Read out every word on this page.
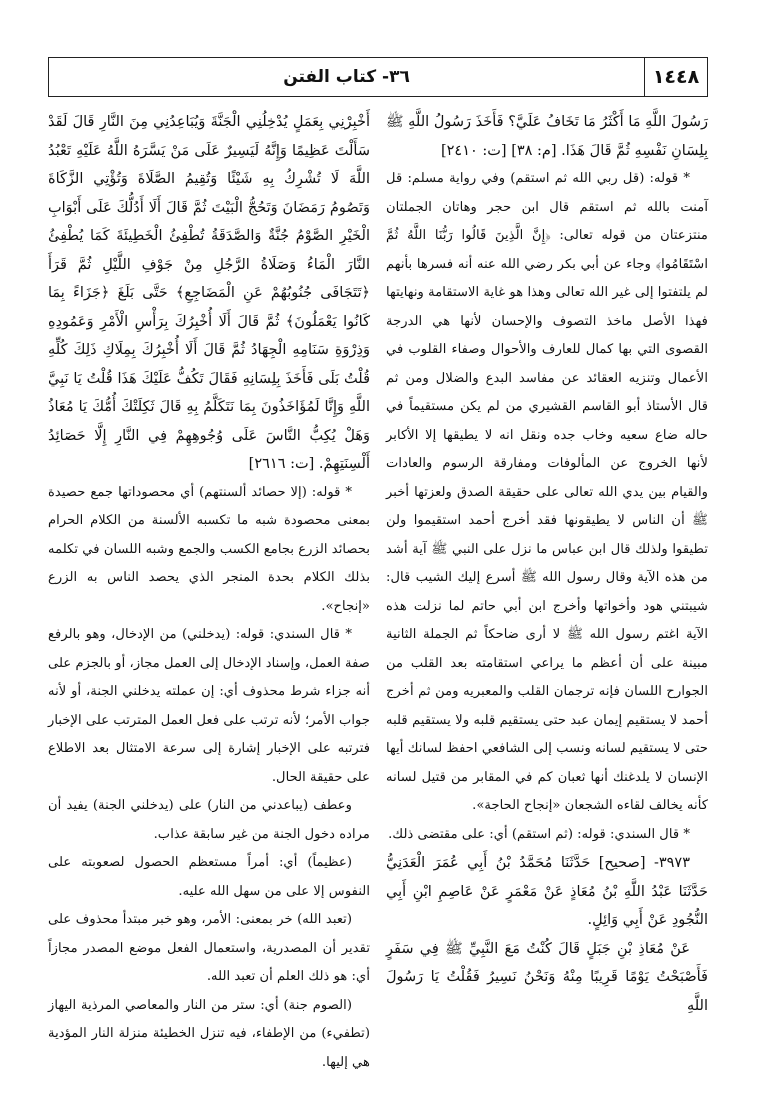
١٤٤٨
٣٦- كتاب الفتن

رَسُولَ اللَّهِ مَا أَكْثَرُ مَا تَخَافُ عَلَيَّ؟ فَأَخَذَ رَسُولُ اللَّهِ ﷺ بِلِسَانِ نَفْسِهِ ثُمَّ قَالَ هَذَا. [م: ٣٨] [ت: ٢٤١٠]

* قوله: (قل ربي الله ثم استقم) وفي رواية مسلم: قل آمنت بالله ثم استقم قال ابن حجر وهاتان الجملتان منتزعتان من قوله تعالى: ﴿إِنَّ الَّذِينَ قَالُوا رَبُّنَا اللَّهُ ثُمَّ اسْتَقَامُوا﴾ وجاء عن أبي بكر رضي الله عنه أنه فسرها بأنهم لم يلتفتوا إلى غير الله تعالى وهذا هو غاية الاستقامة ونهايتها فهذا الأصل ماخذ التصوف والإحسان لأنها هي الدرجة القصوى التي بها كمال للعارف والأحوال وصفاء القلوب في الأعمال وتنزيه العقائد عن مفاسد البدع والضلال ومن ثم قال الأستاذ أبو القاسم القشيري من لم يكن مستقيماً في حاله ضاع سعيه وخاب جده ونقل انه لا يطيقها إلا الأكابر لأنها الخروج عن المألوفات ومفارقة الرسوم والعادات والقيام بين يدي الله تعالى على حقيقة الصدق ولعزتها أخبر ﷺ أن الناس لا يطيقونها فقد أخرج أحمد استقيموا ولن تطيقوا ولذلك قال ابن عباس ما نزل على النبي ﷺ آية أشد من هذه الآية وقال رسول الله ﷺ أسرع إليك الشيب قال: شيبتني هود وأخواتها وأخرج ابن أبي حاتم لما نزلت هذه الآية اغتم رسول الله ﷺ لا أرى ضاحكاً ثم الجملة الثانية مبينة على أن أعظم ما يراعي استقامته بعد القلب من الجوارح اللسان فإنه ترجمان القلب والمعبريه ومن ثم أخرج أحمد لا يستقيم إيمان عبد حتى يستقيم قلبه ولا يستقيم قلبه حتى لا يستقيم لسانه ونسب إلى الشافعي احفظ لسانك أيها الإنسان لا يلدغنك أنها ثعبان كم في المقابر من قتيل لسانه كأنه يخالف لقاءه الشجعان «إنجاح الحاجة».

* قال السندي: قوله: (ثم استقم) أي: على مقتضى ذلك.

٣٩٧٣- [صحيح] حَدَّثَنَا مُحَمَّدُ بْنُ أَبِي عُمَرَ الْعَدَنِيُّ حَدَّثَنَا عَبْدُ اللَّهِ بْنُ مُعَاذٍ عَنْ مَعْمَرٍ عَنْ عَاصِمِ ابْنِ أَبِي النُّجُودِ عَنْ أَبِي وَائِلٍ.

عَنْ مُعَاذِ بْنِ جَبَلٍ قَالَ كُنْتُ مَعَ النَّبِيِّ ﷺ فِي سَفَرٍ فَأَصْبَحْتُ يَوْمًا قَرِيبًا مِنْهُ وَنَحْنُ نَسِيرُ فَقُلْتُ يَا رَسُولَ اللَّهِ

أَخْبِرْنِي بِعَمَلٍ يُدْخِلُنِي الْجَنَّةَ وَيُبَاعِدُنِي مِنَ النَّارِ قَالَ لَقَدْ سَأَلْتَ عَظِيمًا وَإِنَّهُ لَيَسِيرٌ عَلَى مَنْ يَسَّرَهُ اللَّهُ عَلَيْهِ تَعْبُدُ اللَّهَ لَا تُشْرِكُ بِهِ شَيْئًا وَتُقِيمُ الصَّلَاةَ وَتُؤْتِي الزَّكَاةَ وَتَصُومُ رَمَضَانَ وَتَحُجُّ الْبَيْتَ ثُمَّ قَالَ أَلَا أَدُلُّكَ عَلَى أَبْوَابِ الْخَيْرِ الصَّوْمُ جُنَّةٌ وَالصَّدَقَةُ تُطْفِئُ الْخَطِيئَةَ كَمَا يُطْفِئُ النَّارَ الْمَاءُ وَصَلَاةُ الرَّجُلِ مِنْ جَوْفِ اللَّيْلِ ثُمَّ قَرَأَ ﴿تَتَجَافَى جُنُوبُهُمْ عَنِ الْمَضَاجِعِ﴾ حَتَّى بَلَغَ ﴿جَزَاءً بِمَا كَانُوا يَعْمَلُونَ﴾ ثُمَّ قَالَ أَلَا أُخْبِرُكَ بِرَأْسِ الْأَمْرِ وَعَمُودِهِ وَذِرْوَةِ سَنَامِهِ الْجِهَادُ ثُمَّ قَالَ أَلَا أُخْبِرُكَ بِمِلَاكِ ذَلِكَ كُلِّهِ قُلْتُ بَلَى فَأَخَذَ بِلِسَانِهِ فَقَالَ تَكُفُّ عَلَيْكَ هَذَا قُلْتُ يَا نَبِيَّ اللَّهِ وَإِنَّا لَمُؤَاخَذُونَ بِمَا نَتَكَلَّمُ بِهِ قَالَ ثَكِلَتْكَ أُمُّكَ يَا مُعَاذُ وَهَلْ يُكِبُّ النَّاسَ عَلَى وُجُوهِهِمْ فِي النَّارِ إِلَّا حَصَائِدُ أَلْسِنَتِهِمْ. [ت: ٢٦١٦]

* قوله: (إلا حصائد ألسنتهم) أي محصوداتها جمع حصيدة بمعنى محصودة شبه ما تكسبه الألسنة من الكلام الحرام بحصائد الزرع بجامع الكسب والجمع وشبه اللسان في تكلمه بذلك الكلام بحدة المنجر الذي يحصد الناس به الزرع «إنجاح».

* قال السندي: قوله: (يدخلني) من الإدخال، وهو بالرفع صفة العمل، وإسناد الإدخال إلى العمل مجاز، أو بالجزم على أنه جزاء شرط محذوف أي: إن عملته يدخلني الجنة، أو لأنه جواب الأمر؛ لأنه ترتب على فعل العمل المترتب على الإخبار فترتبه على الإخبار إشارة إلى سرعة الامتثال بعد الاطلاع على حقيقة الحال.

وعطف (يباعدني من النار) على (يدخلني الجنة) يفيد أن مراده دخول الجنة من غير سابقة عذاب.

(عظيماً) أي: أمراً مستعظم الحصول لصعوبته على النفوس إلا على من سهل الله عليه.

(تعبد الله) خر بمعنى: الأمر، وهو خبر مبتدأ محذوف على تقدير أن المصدرية، واستعمال الفعل موضع المصدر مجازاً أي: هو ذلك العلم أن تعبد الله.

(الصوم جنة) أي: ستر من النار والمعاصي المرذية اليهاز (تطفيء) من الإطفاء، فيه تنزل الخطيئة منزلة النار المؤدية هي إليها.
